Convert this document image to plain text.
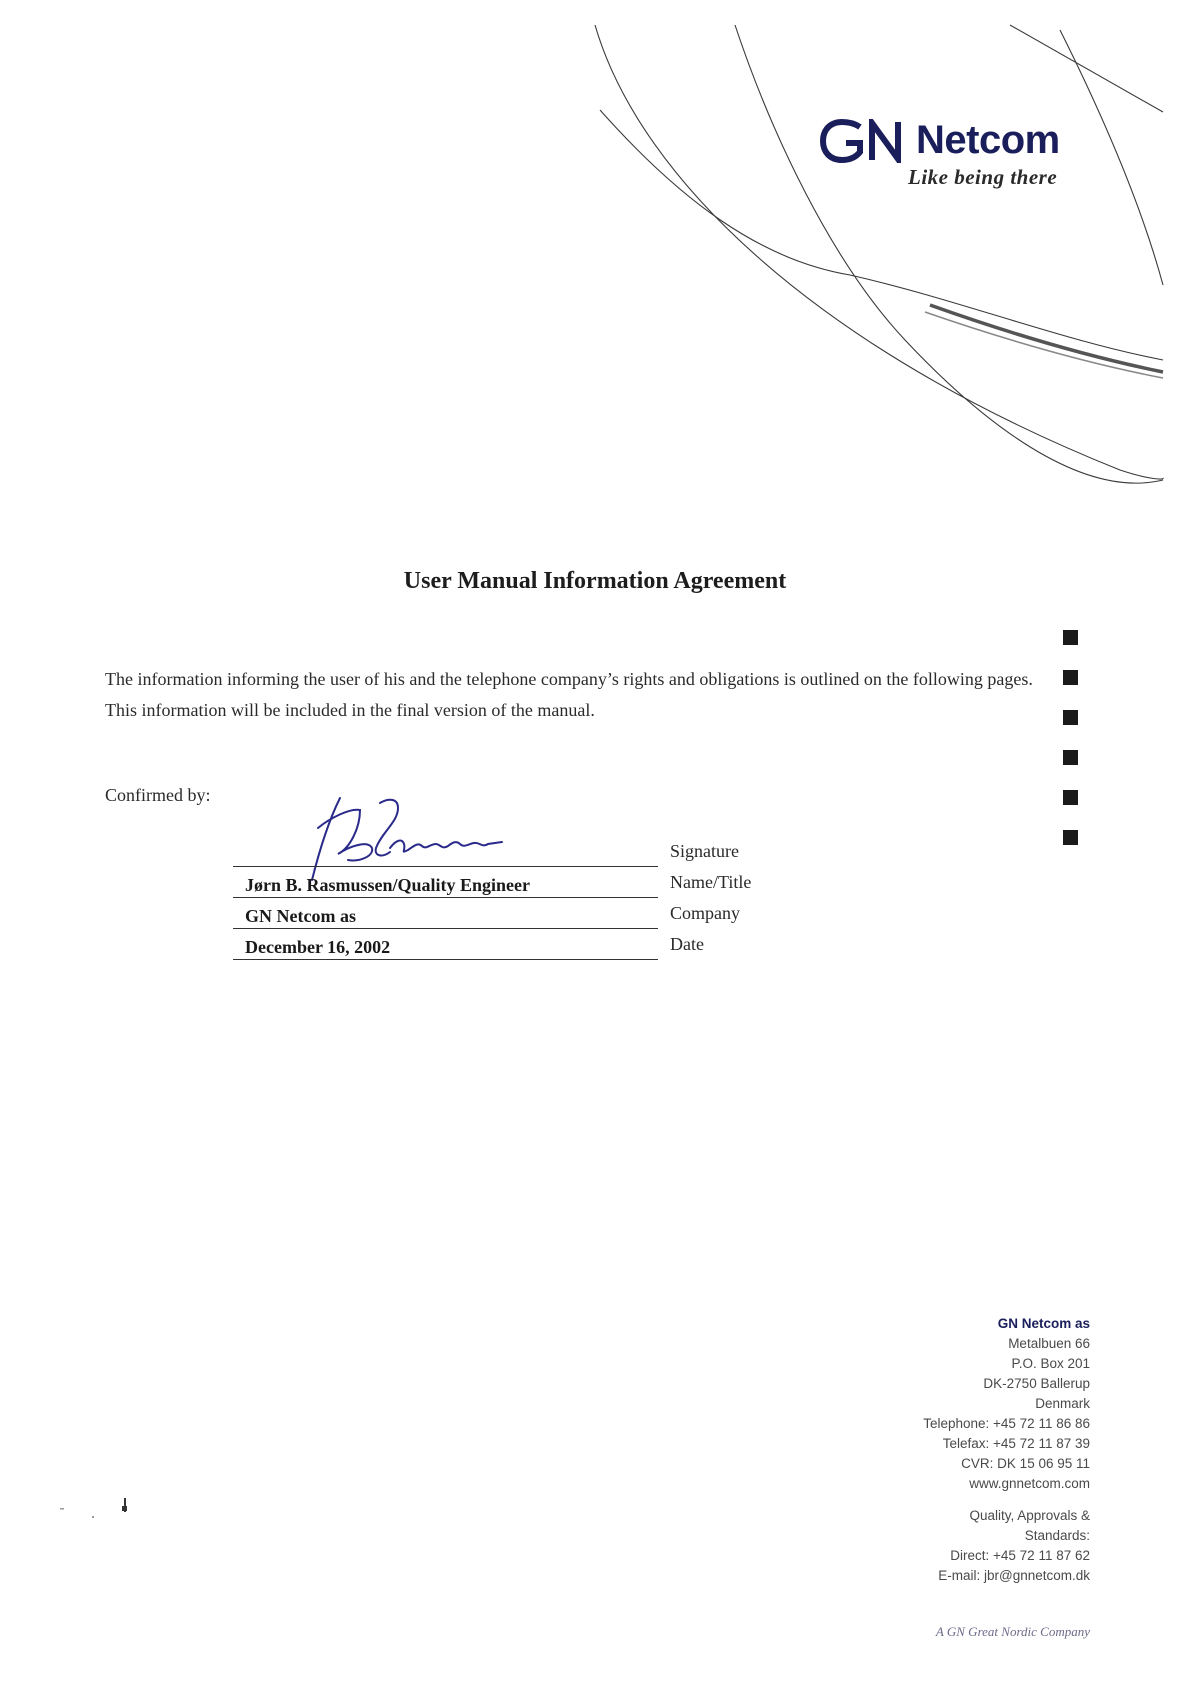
GN Netcom
Like being there
User Manual Information Agreement
The information informing the user of his and the telephone company’s rights and obligations is outlined on the following pages. This information will be included in the final version of the manual.
Confirmed by:
Signature
Jørn B. Rasmussen/Quality Engineer	Name/Title
GN Netcom as	Company
December 16, 2002	Date
GN Netcom as
Metalbuen 66
P.O. Box 201
DK-2750 Ballerup
Denmark
Telephone: +45 72 11 86 86
Telefax: +45 72 11 87 39
CVR: DK 15 06 95 11
www.gnnetcom.com
Quality, Approvals &
Standards:
Direct: +45 72 11 87 62
E-mail: jbr@gnnetcom.dk
A GN Great Nordic Company
